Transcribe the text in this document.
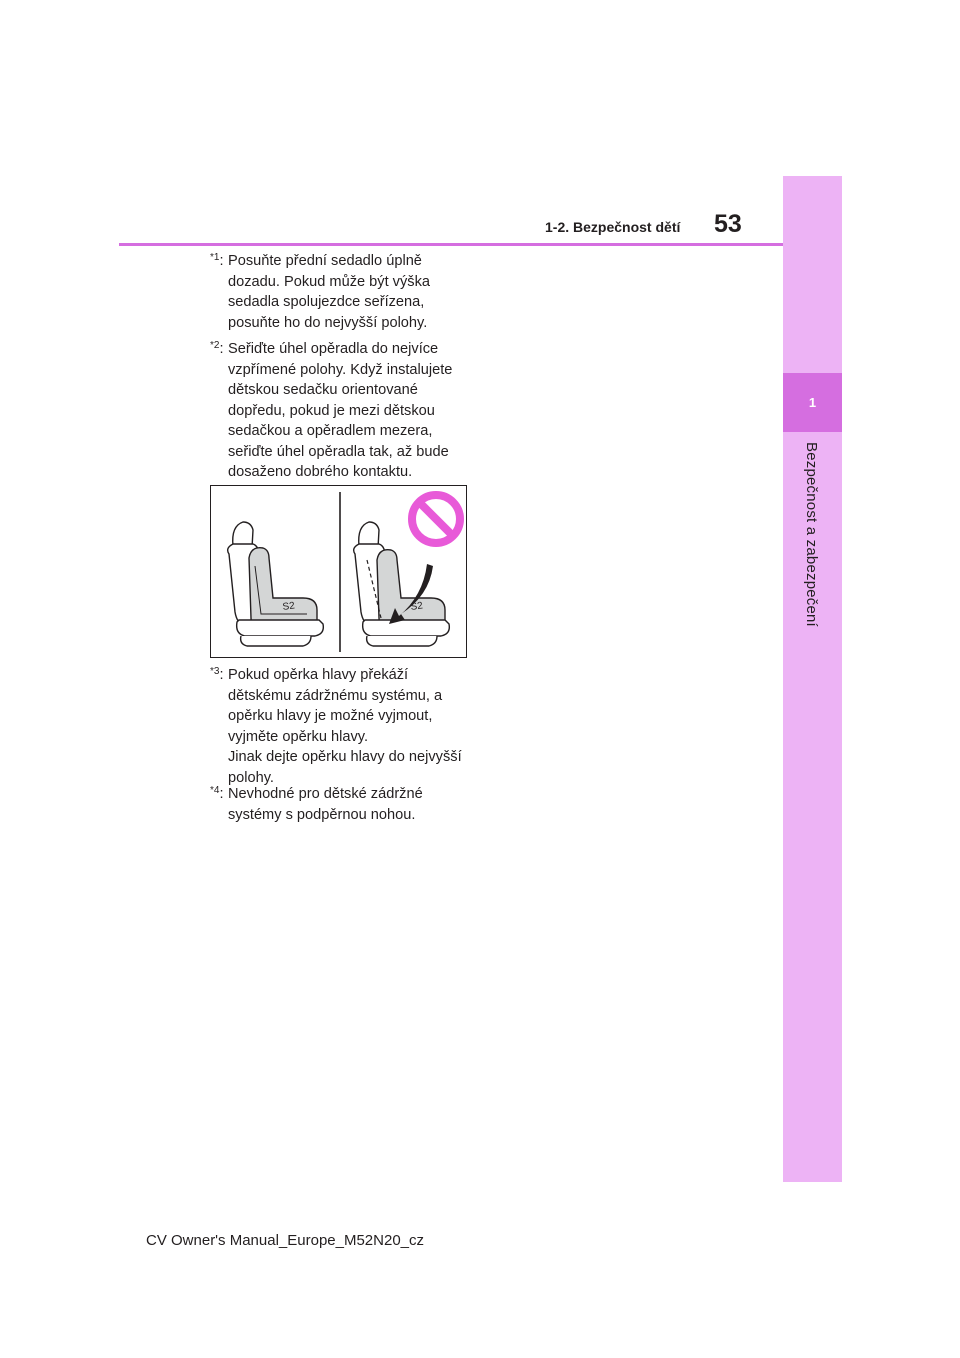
1
Bezpečnost a zabezpečení
1-2. Bezpečnost dětí 53
$^{*1}$: Posuňte přední sedadlo úplně dozadu. Pokud může být výška sedadla spolujezdce seřízena, posuňte ho do nejvyšší polohy.
$^{*2}$: Seřiďte úhel opěradla do nejvíce vzpřímené polohy. Když instalujete dětskou sedačku orientované dopředu, pokud je mezi dětskou sedačkou a opěradlem mezera, seřiďte úhel opěradla tak, až bude dosaženo dobrého kontaktu.
S2	S2
$^{*3}$: Pokud opěrka hlavy překáží dětskému zádržnému systému, a opěrku hlavy je možné vyjmout, vyjměte opěrku hlavy.
Jinak dejte opěrku hlavy do nejvyšší polohy.
$^{*4}$: Nevhodné pro dětské zádržné systémy s podpěrnou nohou.
CV Owner's Manual_Europe_M52N20_cz
